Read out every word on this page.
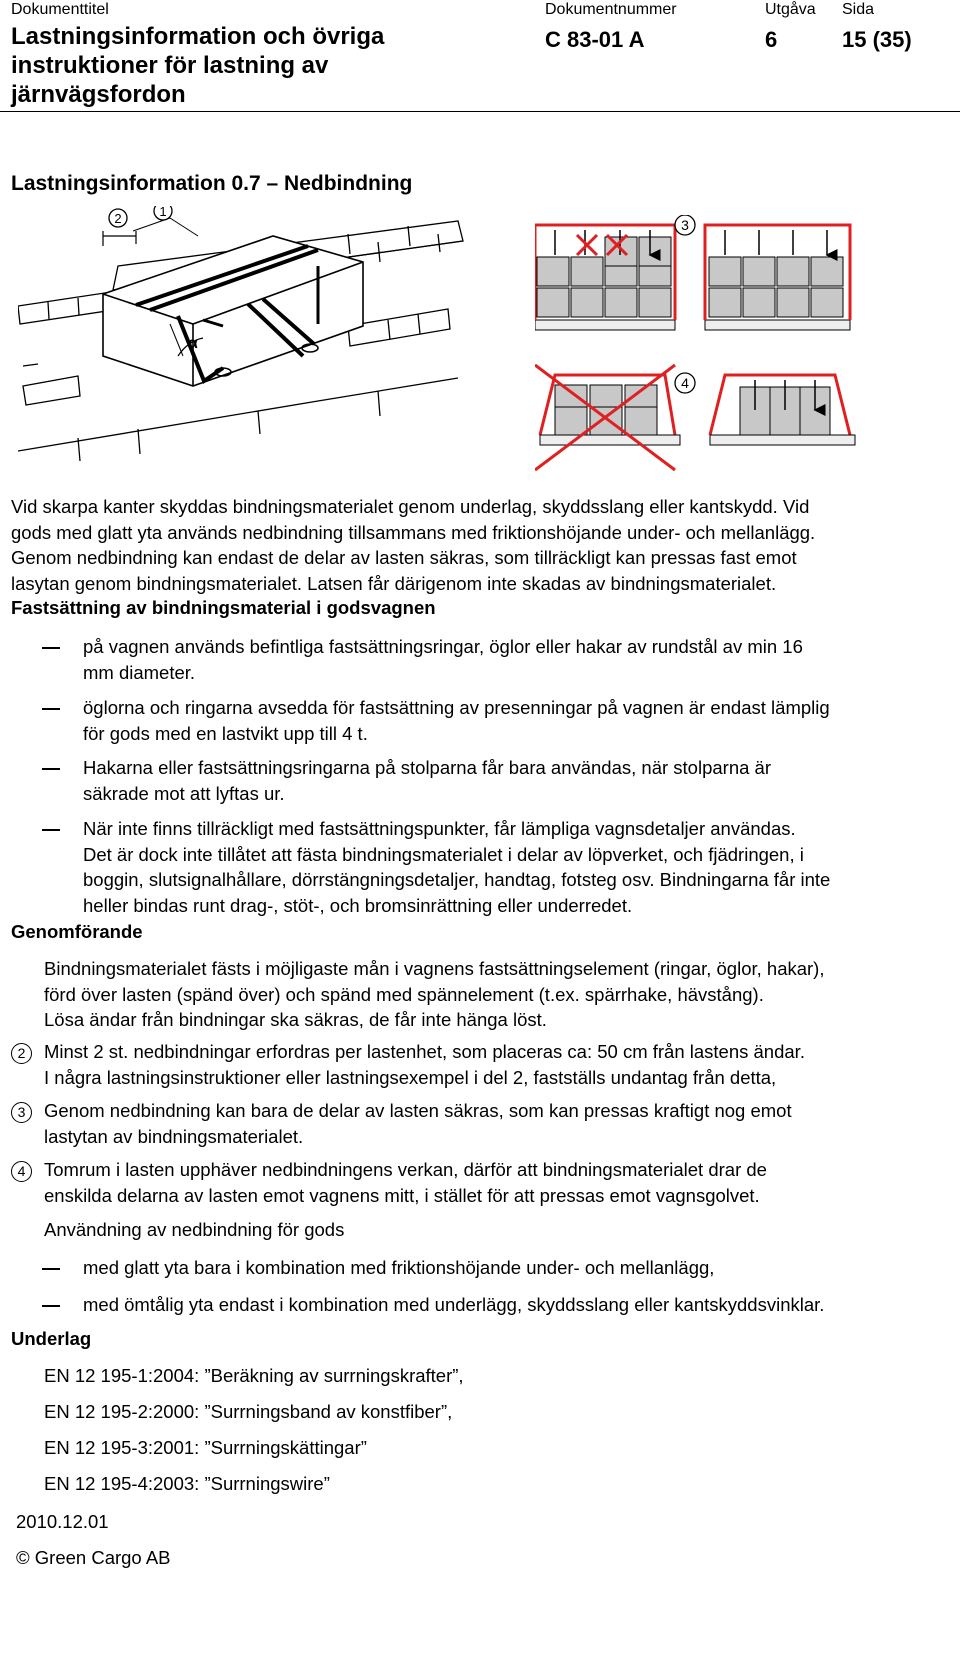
Dokumenttitel
Lastningsinformation och övriga
instruktioner för lastning av
järnvägsfordon
Dokumentnummer
C 83-01 A
Utgåva
6
Sida
15 (35)
Lastningsinformation 0.7 – Nedbindning
α
2	1
3
4
Vid skarpa kanter skyddas bindningsmaterialet genom underlag, skyddsslang eller kantskydd. Vid
gods med glatt yta används nedbindning tillsammans med friktionshöjande under- och mellanlägg.
Genom nedbindning kan endast de delar av lasten säkras, som tillräckligt kan pressas fast emot
lasytan genom bindningsmaterialet. Latsen får därigenom inte skadas av bindningsmaterialet.
Fastsättning av bindningsmaterial i godsvagnen
på vagnen används befintliga fastsättningsringar, öglor eller hakar av rundstål av min 16
mm diameter.
öglorna och ringarna avsedda för fastsättning av presenningar på vagnen är endast lämplig
för gods med en lastvikt upp till 4 t.
Hakarna eller fastsättningsringarna på stolparna får bara användas, när stolparna är
säkrade mot att lyftas ur.
När inte finns tillräckligt med fastsättningspunkter, får lämpliga vagnsdetaljer användas.
Det är dock inte tillåtet att fästa bindningsmaterialet i delar av löpverket, och fjädringen, i
boggin, slutsignalhållare, dörrstängningsdetaljer, handtag, fotsteg osv. Bindningarna får inte
heller bindas runt drag-, stöt-, och bromsinrättning eller underredet.
Genomförande
Bindningsmaterialet fästs i möjligaste mån i vagnens fastsättningselement (ringar, öglor, hakar),
förd över lasten (spänd över) och spänd med spännelement (t.ex. spärrhake, hävstång).
Lösa ändar från bindningar ska säkras, de får inte hänga löst.
2	Minst 2 st. nedbindningar erfordras per lastenhet, som placeras ca: 50 cm från lastens ändar.
I några lastningsinstruktioner eller lastningsexempel i del 2, fastställs undantag från detta,
3	Genom nedbindning kan bara de delar av lasten säkras, som kan pressas kraftigt nog emot
lastytan av bindningsmaterialet.
4	Tomrum i lasten upphäver nedbindningens verkan, därför att bindningsmaterialet drar de
enskilda delarna av lasten emot vagnens mitt, i stället för att pressas emot vagnsgolvet.
Användning av nedbindning för gods
med glatt yta bara i kombination med friktionshöjande under- och mellanlägg,
med ömtålig yta endast i kombination med underlägg, skyddsslang eller kantskyddsvinklar.
Underlag
EN 12 195-1:2004: ”Beräkning av surrningskrafter”,
EN 12 195-2:2000: ”Surrningsband av konstfiber”,
EN 12 195-3:2001: ”Surrningskättingar”
EN 12 195-4:2003: ”Surrningswire”
2010.12.01
© Green Cargo AB
